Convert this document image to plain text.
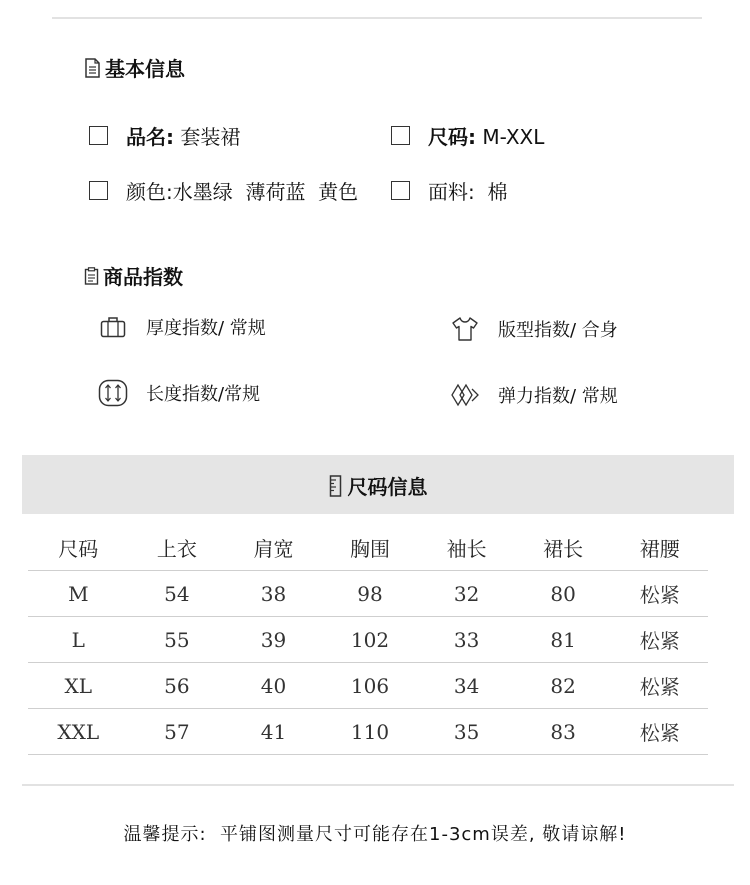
基本信息
品名: 套装裙	尺码: M-XXL
颜色:水墨绿  薄荷蓝  黄色	面料:  棉
商品指数
厚度指数/ 常规	版型指数/ 合身
长度指数/常规	弹力指数/ 常规
尺码信息
尺码	上衣	肩宽	胸围	袖长	裙长	裙腰
M	54	38	98	32	80	松紧
L	55	39	102	33	81	松紧
XL	56	40	106	34	82	松紧
XXL	57	41	110	35	83	松紧
温馨提示:  平铺图测量尺寸可能存在1-3cm误差, 敬请谅解!
